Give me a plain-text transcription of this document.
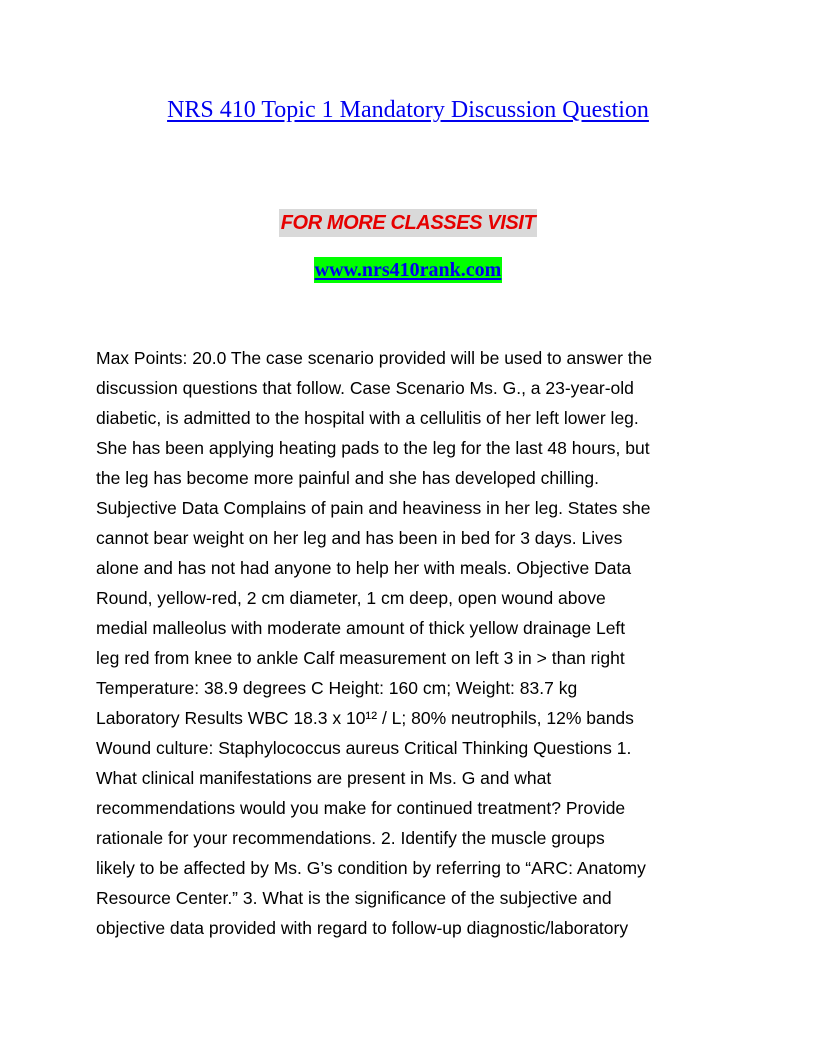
NRS 410 Topic 1 Mandatory Discussion Question
FOR MORE CLASSES VISIT
www.nrs410rank.com

Max Points: 20.0 The case scenario provided will be used to answer the
discussion questions that follow. Case Scenario Ms. G., a 23-year-old
diabetic, is admitted to the hospital with a cellulitis of her left lower leg.
She has been applying heating pads to the leg for the last 48 hours, but
the leg has become more painful and she has developed chilling.
Subjective Data Complains of pain and heaviness in her leg. States she
cannot bear weight on her leg and has been in bed for 3 days. Lives
alone and has not had anyone to help her with meals. Objective Data
Round, yellow-red, 2 cm diameter, 1 cm deep, open wound above
medial malleolus with moderate amount of thick yellow drainage Left
leg red from knee to ankle Calf measurement on left 3 in > than right
Temperature: 38.9 degrees C Height: 160 cm; Weight: 83.7 kg
Laboratory Results WBC 18.3 x 10¹² / L; 80% neutrophils, 12% bands
Wound culture: Staphylococcus aureus Critical Thinking Questions 1.
What clinical manifestations are present in Ms. G and what
recommendations would you make for continued treatment? Provide
rationale for your recommendations. 2. Identify the muscle groups
likely to be affected by Ms. G’s condition by referring to “ARC: Anatomy
Resource Center.” 3. What is the significance of the subjective and
objective data provided with regard to follow-up diagnostic/laboratory
